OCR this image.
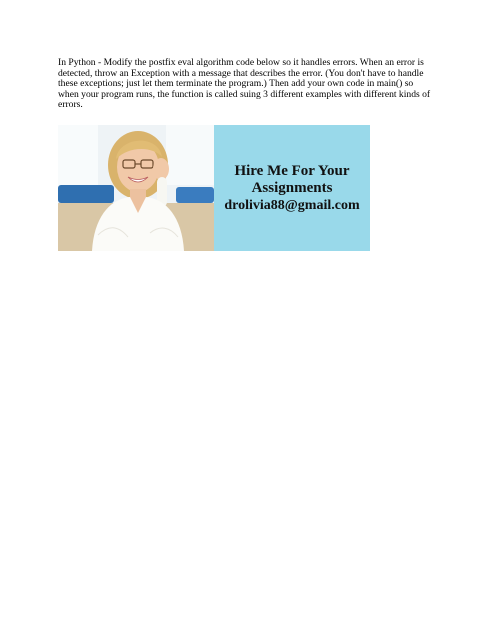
In Python - Modify the postfix eval algorithm code below so it handles errors. When an error is
detected, throw an Exception with a message that describes the error. (You don't have to handle
these exceptions; just let them terminate the program.) Then add your own code in main() so
when your program runs, the function is called suing 3 different examples with different kinds of
errors.

Hire Me For Your
Assignments
drolivia88@gmail.com
